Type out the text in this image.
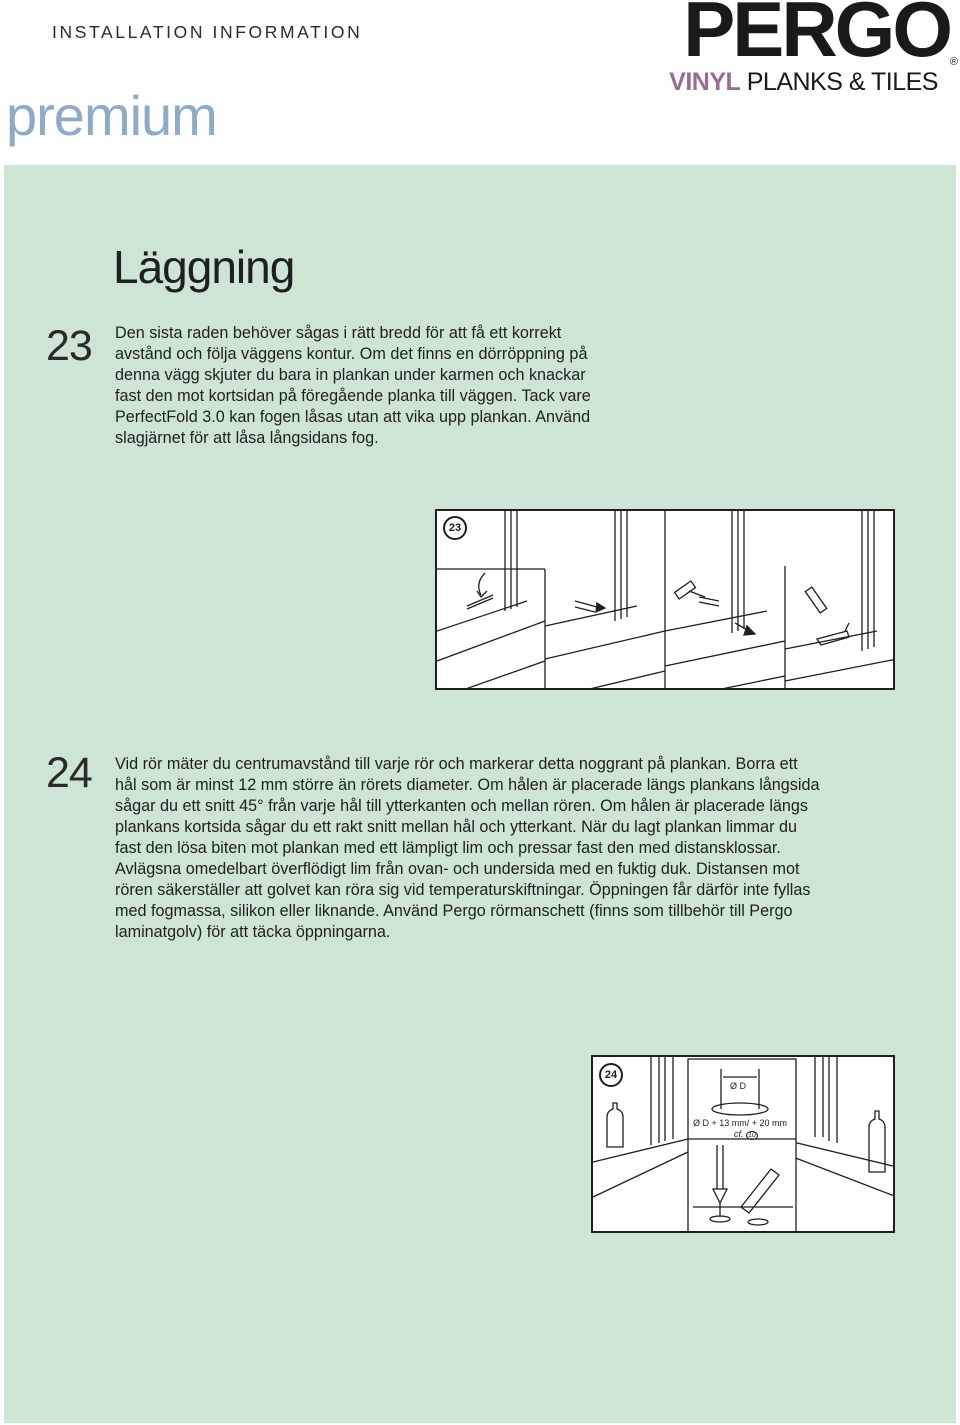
INSTALLATION INFORMATION	PERGO ®
VINYL PLANKS & TILES
premium
Läggning
23 Den sista raden behöver sågas i rätt bredd för att få ett korrekt
avstånd och följa väggens kontur. Om det finns en dörröppning på
denna vägg skjuter du bara in plankan under karmen och knackar
fast den mot kortsidan på föregående planka till väggen. Tack vare
PerfectFold 3.0 kan fogen låsas utan att vika upp plankan. Använd
slagjärnet för att låsa långsidans fog.
23
24 Vid rör mäter du centrumavstånd till varje rör och markerar detta noggrant på plankan. Borra ett
hål som är minst 12 mm större än rörets diameter. Om hålen är placerade längs plankans långsida
sågar du ett snitt 45° från varje hål till ytterkanten och mellan rören. Om hålen är placerade längs
plankans kortsida sågar du ett rakt snitt mellan hål och ytterkant. När du lagt plankan limmar du
fast den lösa biten mot plankan med ett lämpligt lim och pressar fast den med distansklossar.
Avlägsna omedelbart överflödigt lim från ovan- och undersida med en fuktig duk. Distansen mot
rören säkerställer att golvet kan röra sig vid temperaturskiftningar. Öppningen får därför inte fyllas
med fogmassa, silikon eller liknande. Använd Pergo rörmanschett (finns som tillbehör till Pergo
laminatgolv) för att täcka öppningarna.
24
Ø D
Ø D + 13 mm/ + 20 mm
cf. 10
